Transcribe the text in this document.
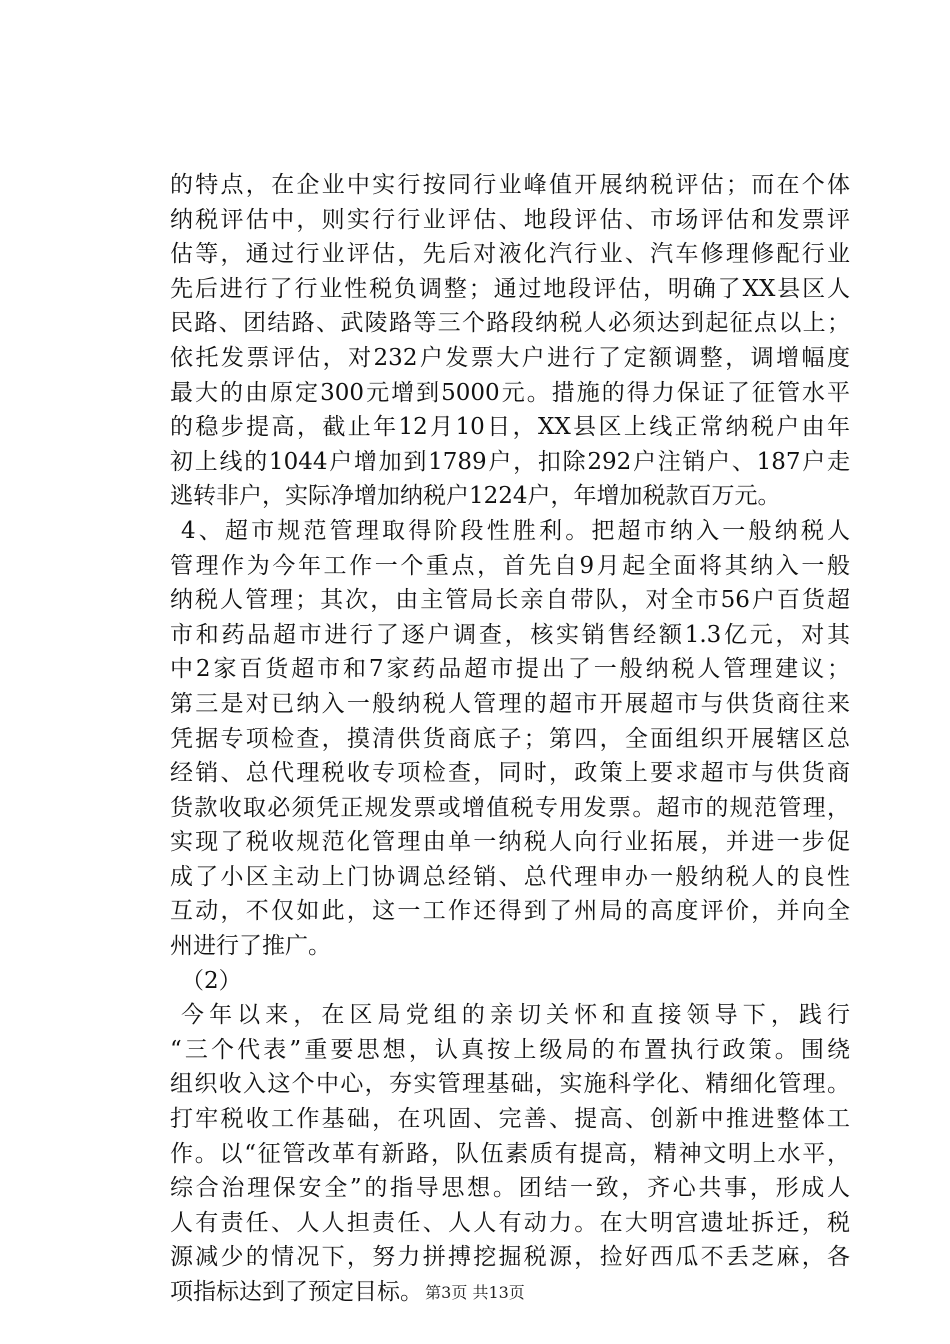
的特点，在企业中实行按同行业峰值开展纳税评估；而在个体
纳税评估中，则实行行业评估、地段评估、市场评估和发票评
估等，通过行业评估，先后对液化汽行业、汽车修理修配行业
先后进行了行业性税负调整；通过地段评估，明确了XX县区人
民路、团结路、武陵路等三个路段纳税人必须达到起征点以上；
依托发票评估，对232户发票大户进行了定额调整，调增幅度
最大的由原定300元增到5000元。措施的得力保证了征管水平
的稳步提高，截止年12月10日，XX县区上线正常纳税户由年
初上线的1044户增加到1789户，扣除292户注销户、187户走
逃转非户，实际净增加纳税户1224户，年增加税款百万元。
4、超市规范管理取得阶段性胜利。把超市纳入一般纳税人
管理作为今年工作一个重点，首先自9月起全面将其纳入一般
纳税人管理；其次，由主管局长亲自带队，对全市56户百货超
市和药品超市进行了逐户调查，核实销售经额1.3亿元，对其
中2家百货超市和7家药品超市提出了一般纳税人管理建议；
第三是对已纳入一般纳税人管理的超市开展超市与供货商往来
凭据专项检查，摸清供货商底子；第四，全面组织开展辖区总
经销、总代理税收专项检查，同时，政策上要求超市与供货商
货款收取必须凭正规发票或增值税专用发票。超市的规范管理，
实现了税收规范化管理由单一纳税人向行业拓展，并进一步促
成了小区主动上门协调总经销、总代理申办一般纳税人的良性
互动，不仅如此，这一工作还得到了州局的高度评价，并向全
州进行了推广。
（2）
今年以来，在区局党组的亲切关怀和直接领导下，践行
“三个代表”重要思想，认真按上级局的布置执行政策。围绕
组织收入这个中心，夯实管理基础，实施科学化、精细化管理。
打牢税收工作基础，在巩固、完善、提高、创新中推进整体工
作。以“征管改革有新路，队伍素质有提高，精神文明上水平，
综合治理保安全”的指导思想。团结一致，齐心共事，形成人
人有责任、人人担责任、人人有动力。在大明宫遗址拆迁，税
源减少的情况下，努力拼搏挖掘税源，捡好西瓜不丢芝麻，各
项指标达到了预定目标。 第3页 共13页
